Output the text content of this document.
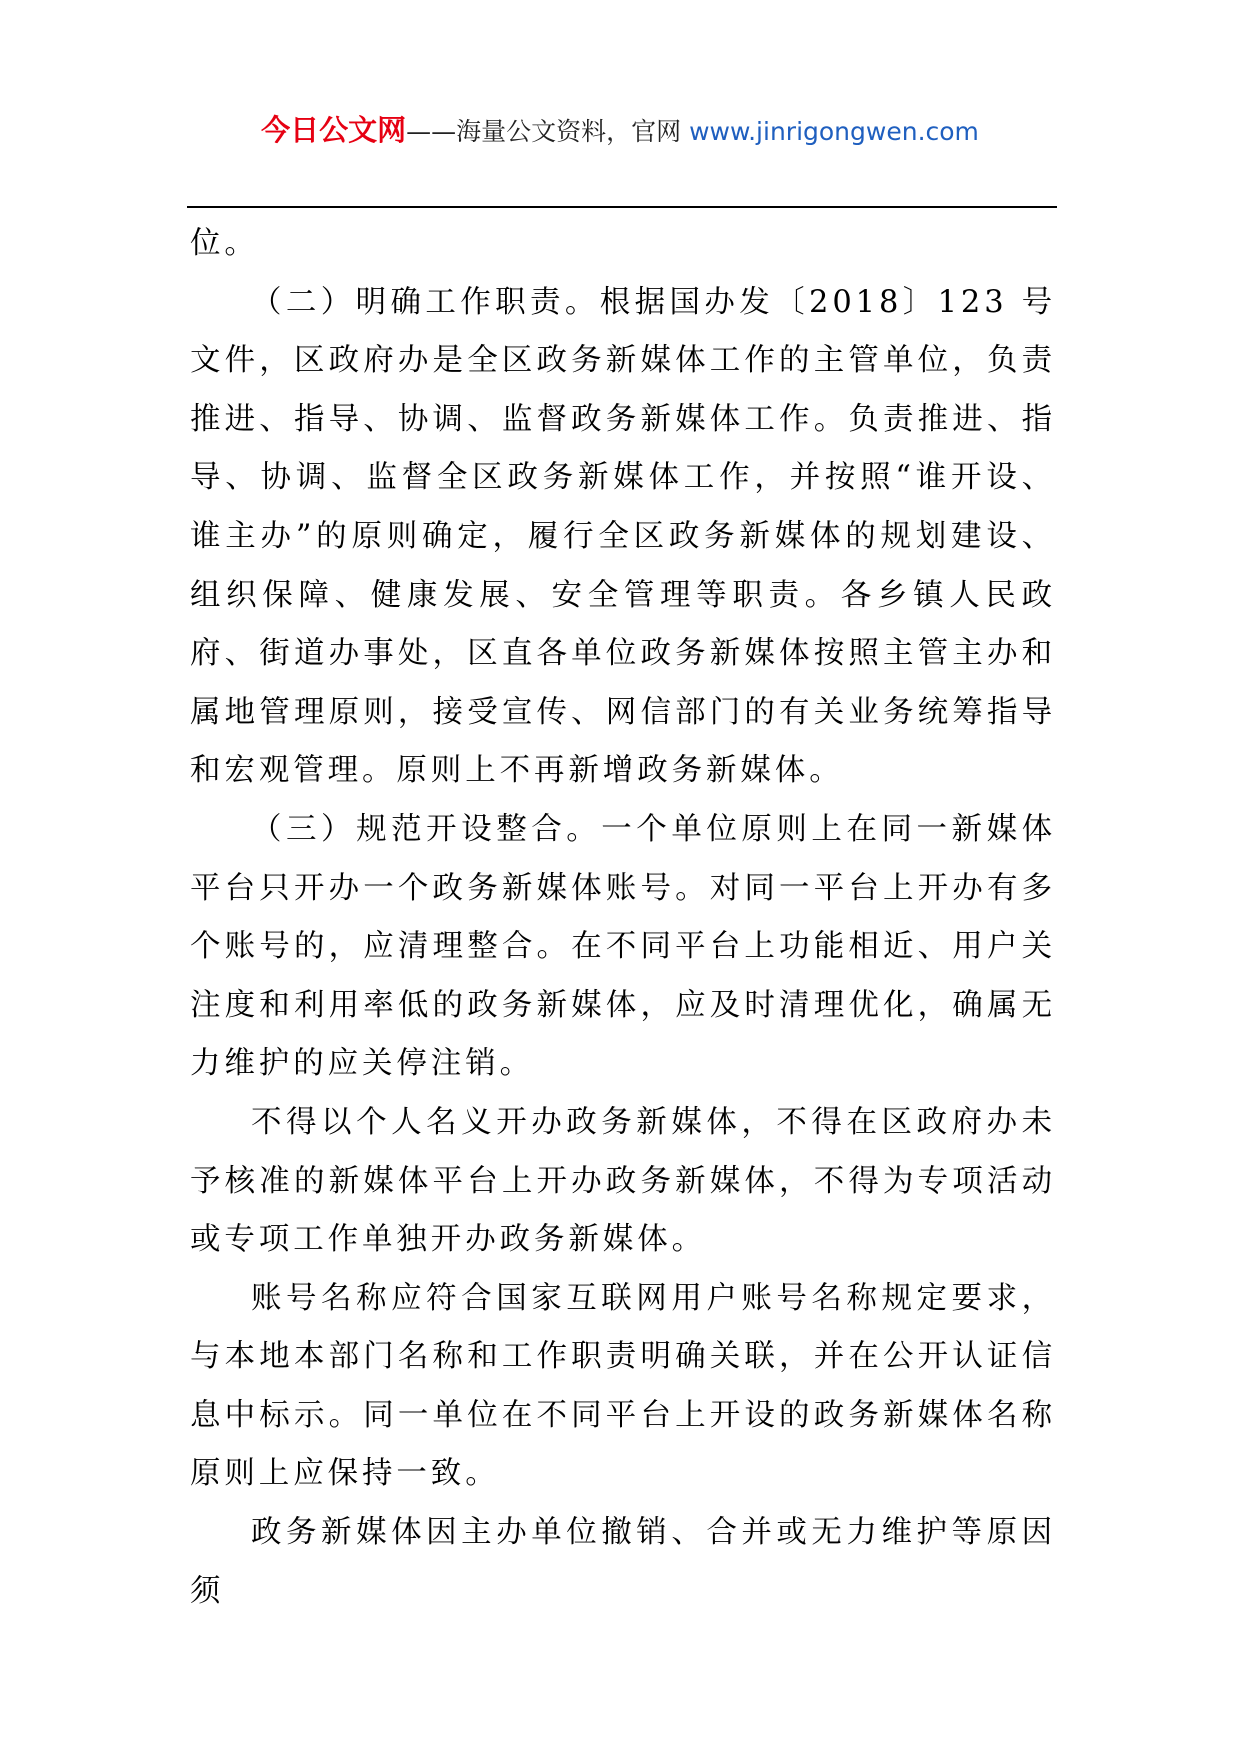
今日公文网——海量公文资料，官网 www.jinrigongwen.com

位。

（二）明确工作职责。根据国办发〔2018〕123 号文件，区政府办是全区政务新媒体工作的主管单位，负责推进、指导、协调、监督政务新媒体工作。负责推进、指导、协调、监督全区政务新媒体工作，并按照“谁开设、谁主办”的原则确定，履行全区政务新媒体的规划建设、组织保障、健康发展、安全管理等职责。各乡镇人民政府、街道办事处，区直各单位政务新媒体按照主管主办和属地管理原则，接受宣传、网信部门的有关业务统筹指导和宏观管理。原则上不再新增政务新媒体。

（三）规范开设整合。一个单位原则上在同一新媒体平台只开办一个政务新媒体账号。对同一平台上开办有多个账号的，应清理整合。在不同平台上功能相近、用户关注度和利用率低的政务新媒体，应及时清理优化，确属无力维护的应关停注销。

不得以个人名义开办政务新媒体，不得在区政府办未予核准的新媒体平台上开办政务新媒体，不得为专项活动或专项工作单独开办政务新媒体。

账号名称应符合国家互联网用户账号名称规定要求，与本地本部门名称和工作职责明确关联，并在公开认证信息中标示。同一单位在不同平台上开设的政务新媒体名称原则上应保持一致。

政务新媒体因主办单位撤销、合并或无力维护等原因须
